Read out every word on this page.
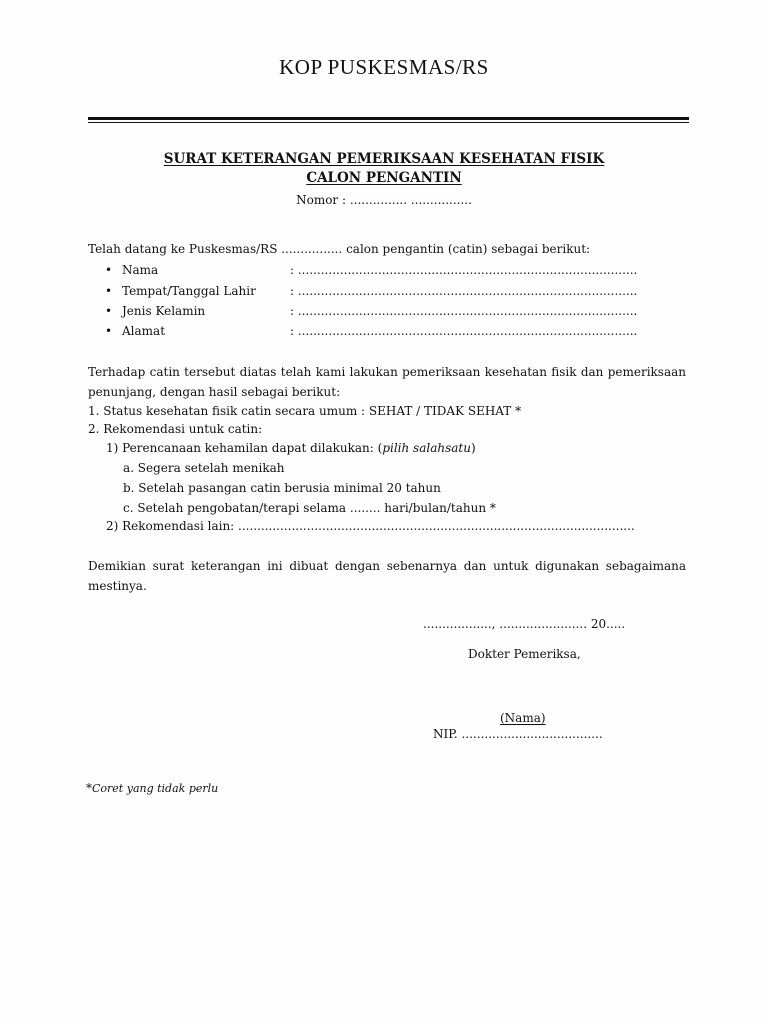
KOP PUSKESMAS/RS
SURAT KETERANGAN PEMERIKSAAN KESEHATAN FISIK
CALON PENGANTIN
Nomor : ............... ................
Telah datang ke Puskesmas/RS ................ calon pengantin (catin) sebagai berikut:
• Nama	: .........................................................................................
• Tempat/Tanggal Lahir	: .........................................................................................
• Jenis Kelamin	: .........................................................................................
• Alamat	: .........................................................................................
Terhadap catin tersebut diatas telah kami lakukan pemeriksaan kesehatan fisik dan pemeriksaan penunjang, dengan hasil sebagai berikut:
1. Status kesehatan fisik catin secara umum : SEHAT / TIDAK SEHAT *
2. Rekomendasi untuk catin:
1) Perencanaan kehamilan dapat dilakukan: (pilih salahsatu)
a. Segera setelah menikah
b. Setelah pasangan catin berusia minimal 20 tahun
c. Setelah pengobatan/terapi selama ........ hari/bulan/tahun *
2) Rekomendasi lain: ........................................................................................................
Demikian surat keterangan ini dibuat dengan sebenarnya dan untuk digunakan sebagaimana mestinya.
.................., ....................... 20.....
Dokter Pemeriksa,
(Nama)
NIP. .....................................
*Coret yang tidak perlu
